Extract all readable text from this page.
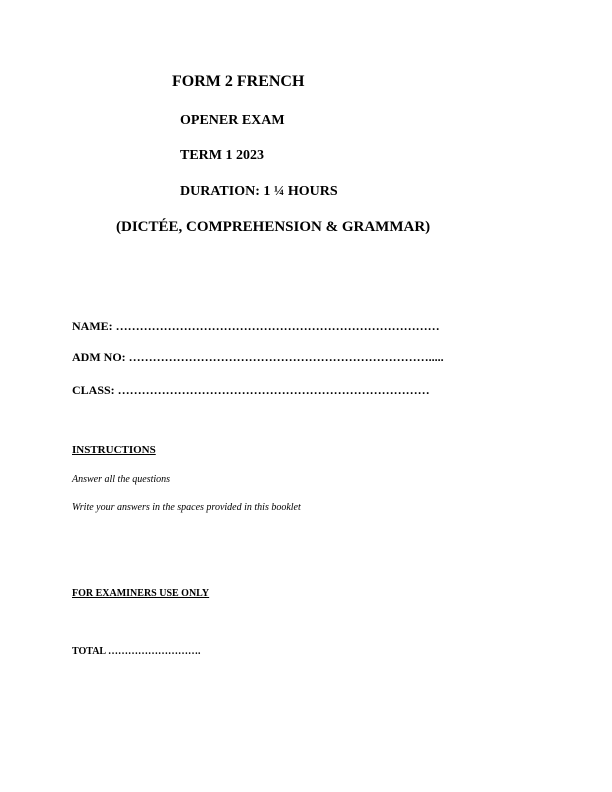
FORM 2 FRENCH
OPENER EXAM
TERM 1 2023
DURATION: 1 ¼ HOURS
(DICTÉE, COMPREHENSION & GRAMMAR)
NAME: ………………………………………………………………………
ADM NO: ………………………………………………………………….....
CLASS: ……………………………………………………………………
INSTRUCTIONS
Answer all the questions
Write your answers in the spaces provided in this booklet
FOR EXAMINERS USE ONLY
TOTAL ……………………….
